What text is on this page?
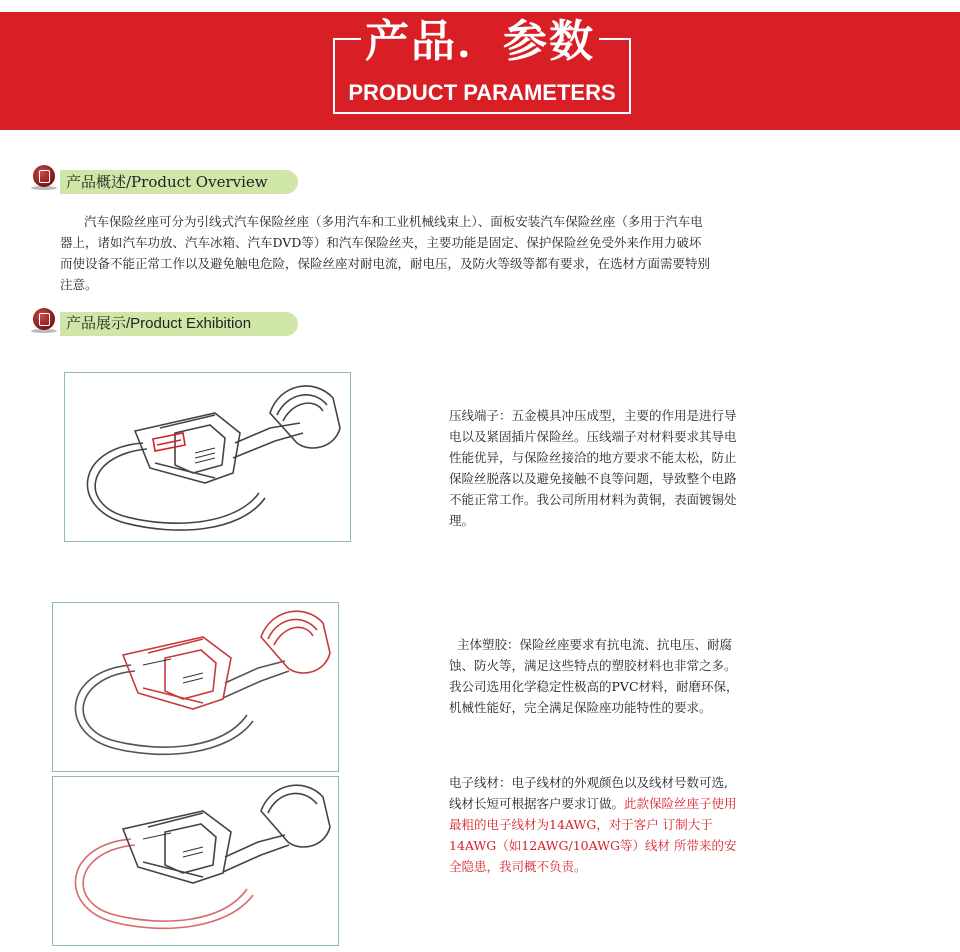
产品．参数
PRODUCT PARAMETERS
产品概述/Product Overview
汽车保险丝座可分为引线式汽车保险丝座（多用汽车和工业机械线束上）、面板安装汽车保险丝座（多用于汽车电器上，诸如汽车功放、汽车冰箱、汽车DVD等）和汽车保险丝夹，主要功能是固定、保护保险丝免受外来作用力破坏而使设备不能正常工作以及避免触电危险，保险丝座对耐电流，耐电压，及防火等级等都有要求，在选材方面需要特别注意。
产品展示/Product Exhibition
压线端子：五金模具冲压成型，主要的作用是进行导电以及紧固插片保险丝。压线端子对材料要求其导电性能优异，与保险丝接洽的地方要求不能太松，防止保险丝脱落以及避免接触不良等问题，导致整个电路不能正常工作。我公司所用材料为黄铜，表面镀锡处理。
主体塑胶：保险丝座要求有抗电流、抗电压、耐腐蚀、防火等，满足这些特点的塑胶材料也非常之多。我公司选用化学稳定性极高的PVC材料，耐磨环保，机械性能好，完全满足保险座功能特性的要求。
电子线材：电子线材的外观颜色以及线材号数可选,线材长短可根据客户要求订做。此款保险丝座子使用最粗的电子线材为14AWG，对于客户 订制大于14AWG（如12AWG/10AWG等）线材 所带来的安全隐患，我司概不负责。
